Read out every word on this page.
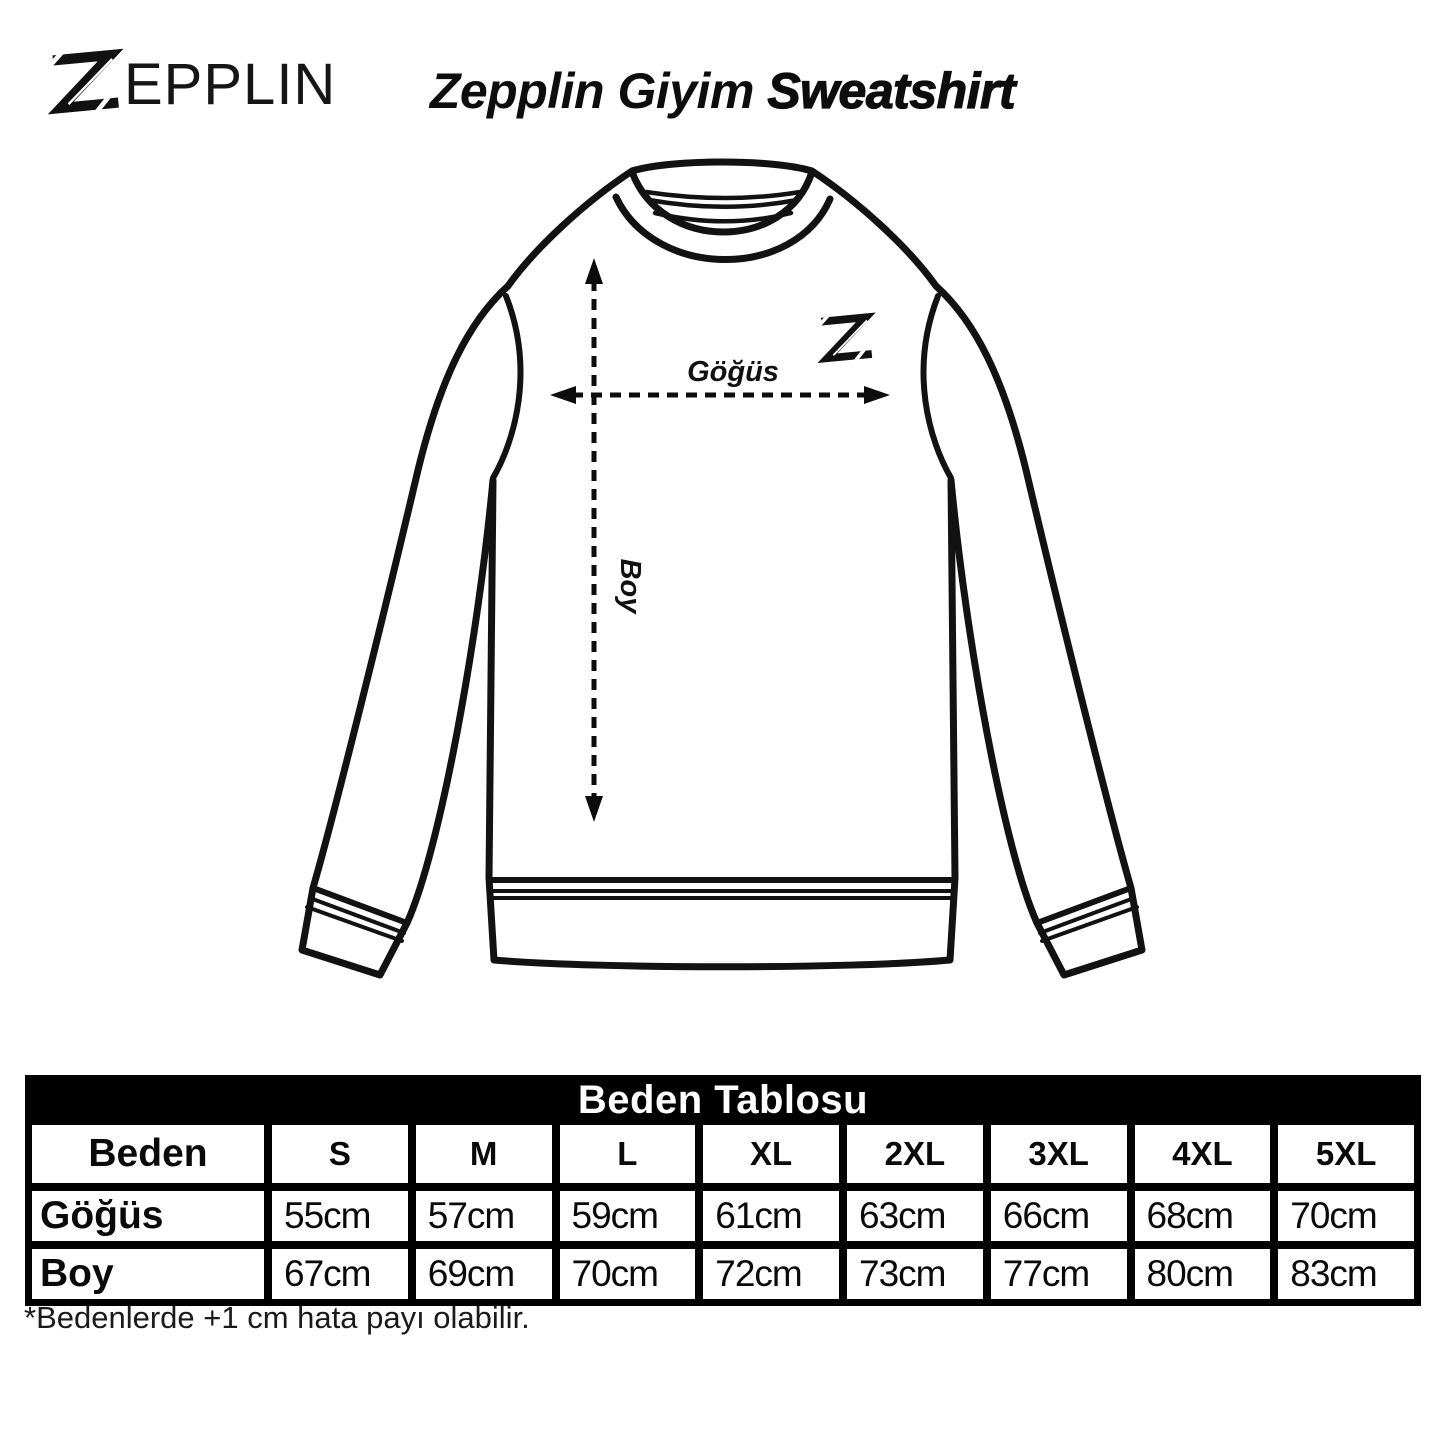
EPPLIN	Zepplin Giyim Sweatshirt
Göğüs
Boy
Beden Tablosu
Beden	S	M	L	XL	2XL	3XL	4XL	5XL
Göğüs	55cm	57cm	59cm	61cm	63cm	66cm	68cm	70cm
Boy	67cm	69cm	70cm	72cm	73cm	77cm	80cm	83cm
*Bedenlerde +1 cm hata payı olabilir.
